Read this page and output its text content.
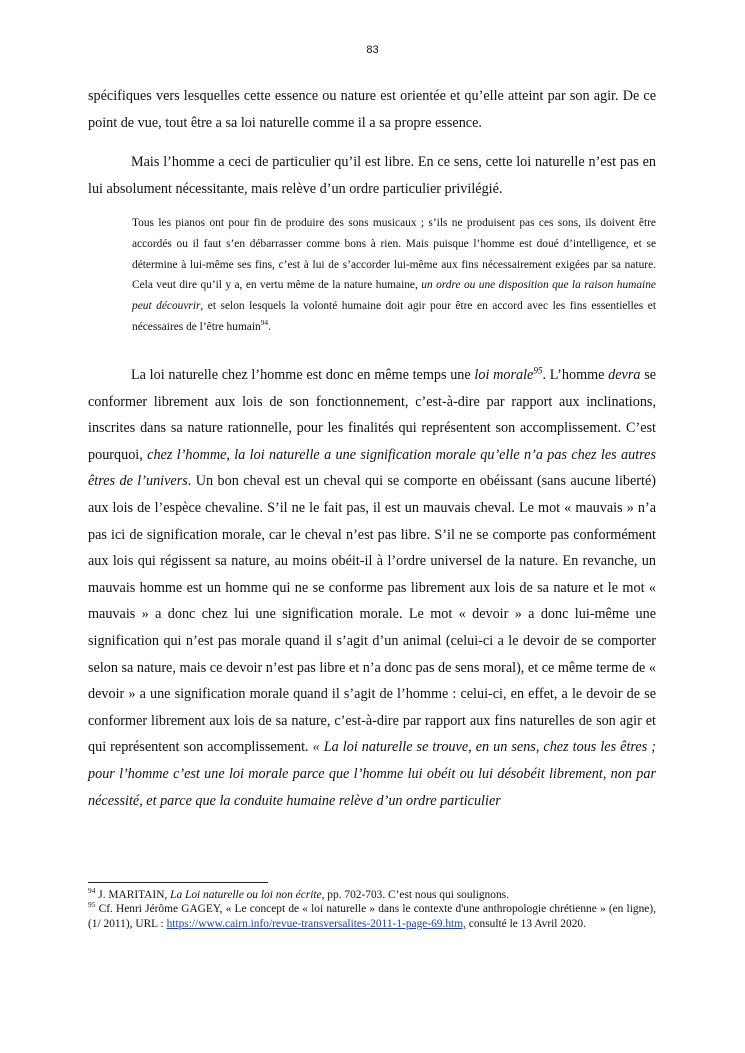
83

spécifiques vers lesquelles cette essence ou nature est orientée et qu’elle atteint par son agir. De ce point de vue, tout être a sa loi naturelle comme il a sa propre essence.

Mais l’homme a ceci de particulier qu’il est libre. En ce sens, cette loi naturelle n’est pas en lui absolument nécessitante, mais relève d’un ordre particulier privilégié.

Tous les pianos ont pour fin de produire des sons musicaux ; s’ils ne produisent pas ces sons, ils doivent être accordés ou il faut s’en débarrasser comme bons à rien. Mais puisque l’homme est doué d’intelligence, et se détermine à lui-même ses fins, c’est à lui de s’accorder lui-même aux fins nécessairement exigées par sa nature. Cela veut dire qu’il y a, en vertu même de la nature humaine, un ordre ou une disposition que la raison humaine peut découvrir, et selon lesquels la volonté humaine doit agir pour être en accord avec les fins essentielles et nécessaires de l’être humain$^{94}$.

La loi naturelle chez l’homme est donc en même temps une loi morale$^{95}$. L’homme devra se conformer librement aux lois de son fonctionnement, c’est-à-dire par rapport aux inclinations, inscrites dans sa nature rationnelle, pour les finalités qui représentent son accomplissement. C’est pourquoi, chez l’homme, la loi naturelle a une signification morale qu’elle n’a pas chez les autres êtres de l’univers. Un bon cheval est un cheval qui se comporte en obéissant (sans aucune liberté) aux lois de l’espèce chevaline. S’il ne le fait pas, il est un mauvais cheval. Le mot « mauvais » n’a pas ici de signification morale, car le cheval n’est pas libre. S’il ne se comporte pas conformément aux lois qui régissent sa nature, au moins obéit-il à l’ordre universel de la nature. En revanche, un mauvais homme est un homme qui ne se conforme pas librement aux lois de sa nature et le mot « mauvais » a donc chez lui une signification morale. Le mot « devoir » a donc lui-même une signification qui n’est pas morale quand il s’agit d’un animal (celui-ci a le devoir de se comporter selon sa nature, mais ce devoir n’est pas libre et n’a donc pas de sens moral), et ce même terme de « devoir » a une signification morale quand il s’agit de l’homme : celui-ci, en effet, a le devoir de se conformer librement aux lois de sa nature, c’est-à-dire par rapport aux fins naturelles de son agir et qui représentent son accomplissement. « La loi naturelle se trouve, en un sens, chez tous les êtres ; pour l’homme c’est une loi morale parce que l’homme lui obéit ou lui désobéit librement, non par nécessité, et parce que la conduite humaine relève d’un ordre particulier

$^{94}$ J. MARITAIN, La Loi naturelle ou loi non écrite, pp. 702-703. C’est nous qui soulignons.

$^{95}$ Cf. Henri Jérôme GAGEY, « Le concept de « loi naturelle » dans le contexte d'une anthropologie chrétienne » (en ligne), (1/ 2011), URL : https://www.cairn.info/revue-transversalites-2011-1-page-69.htm, consulté le 13 Avril 2020.
